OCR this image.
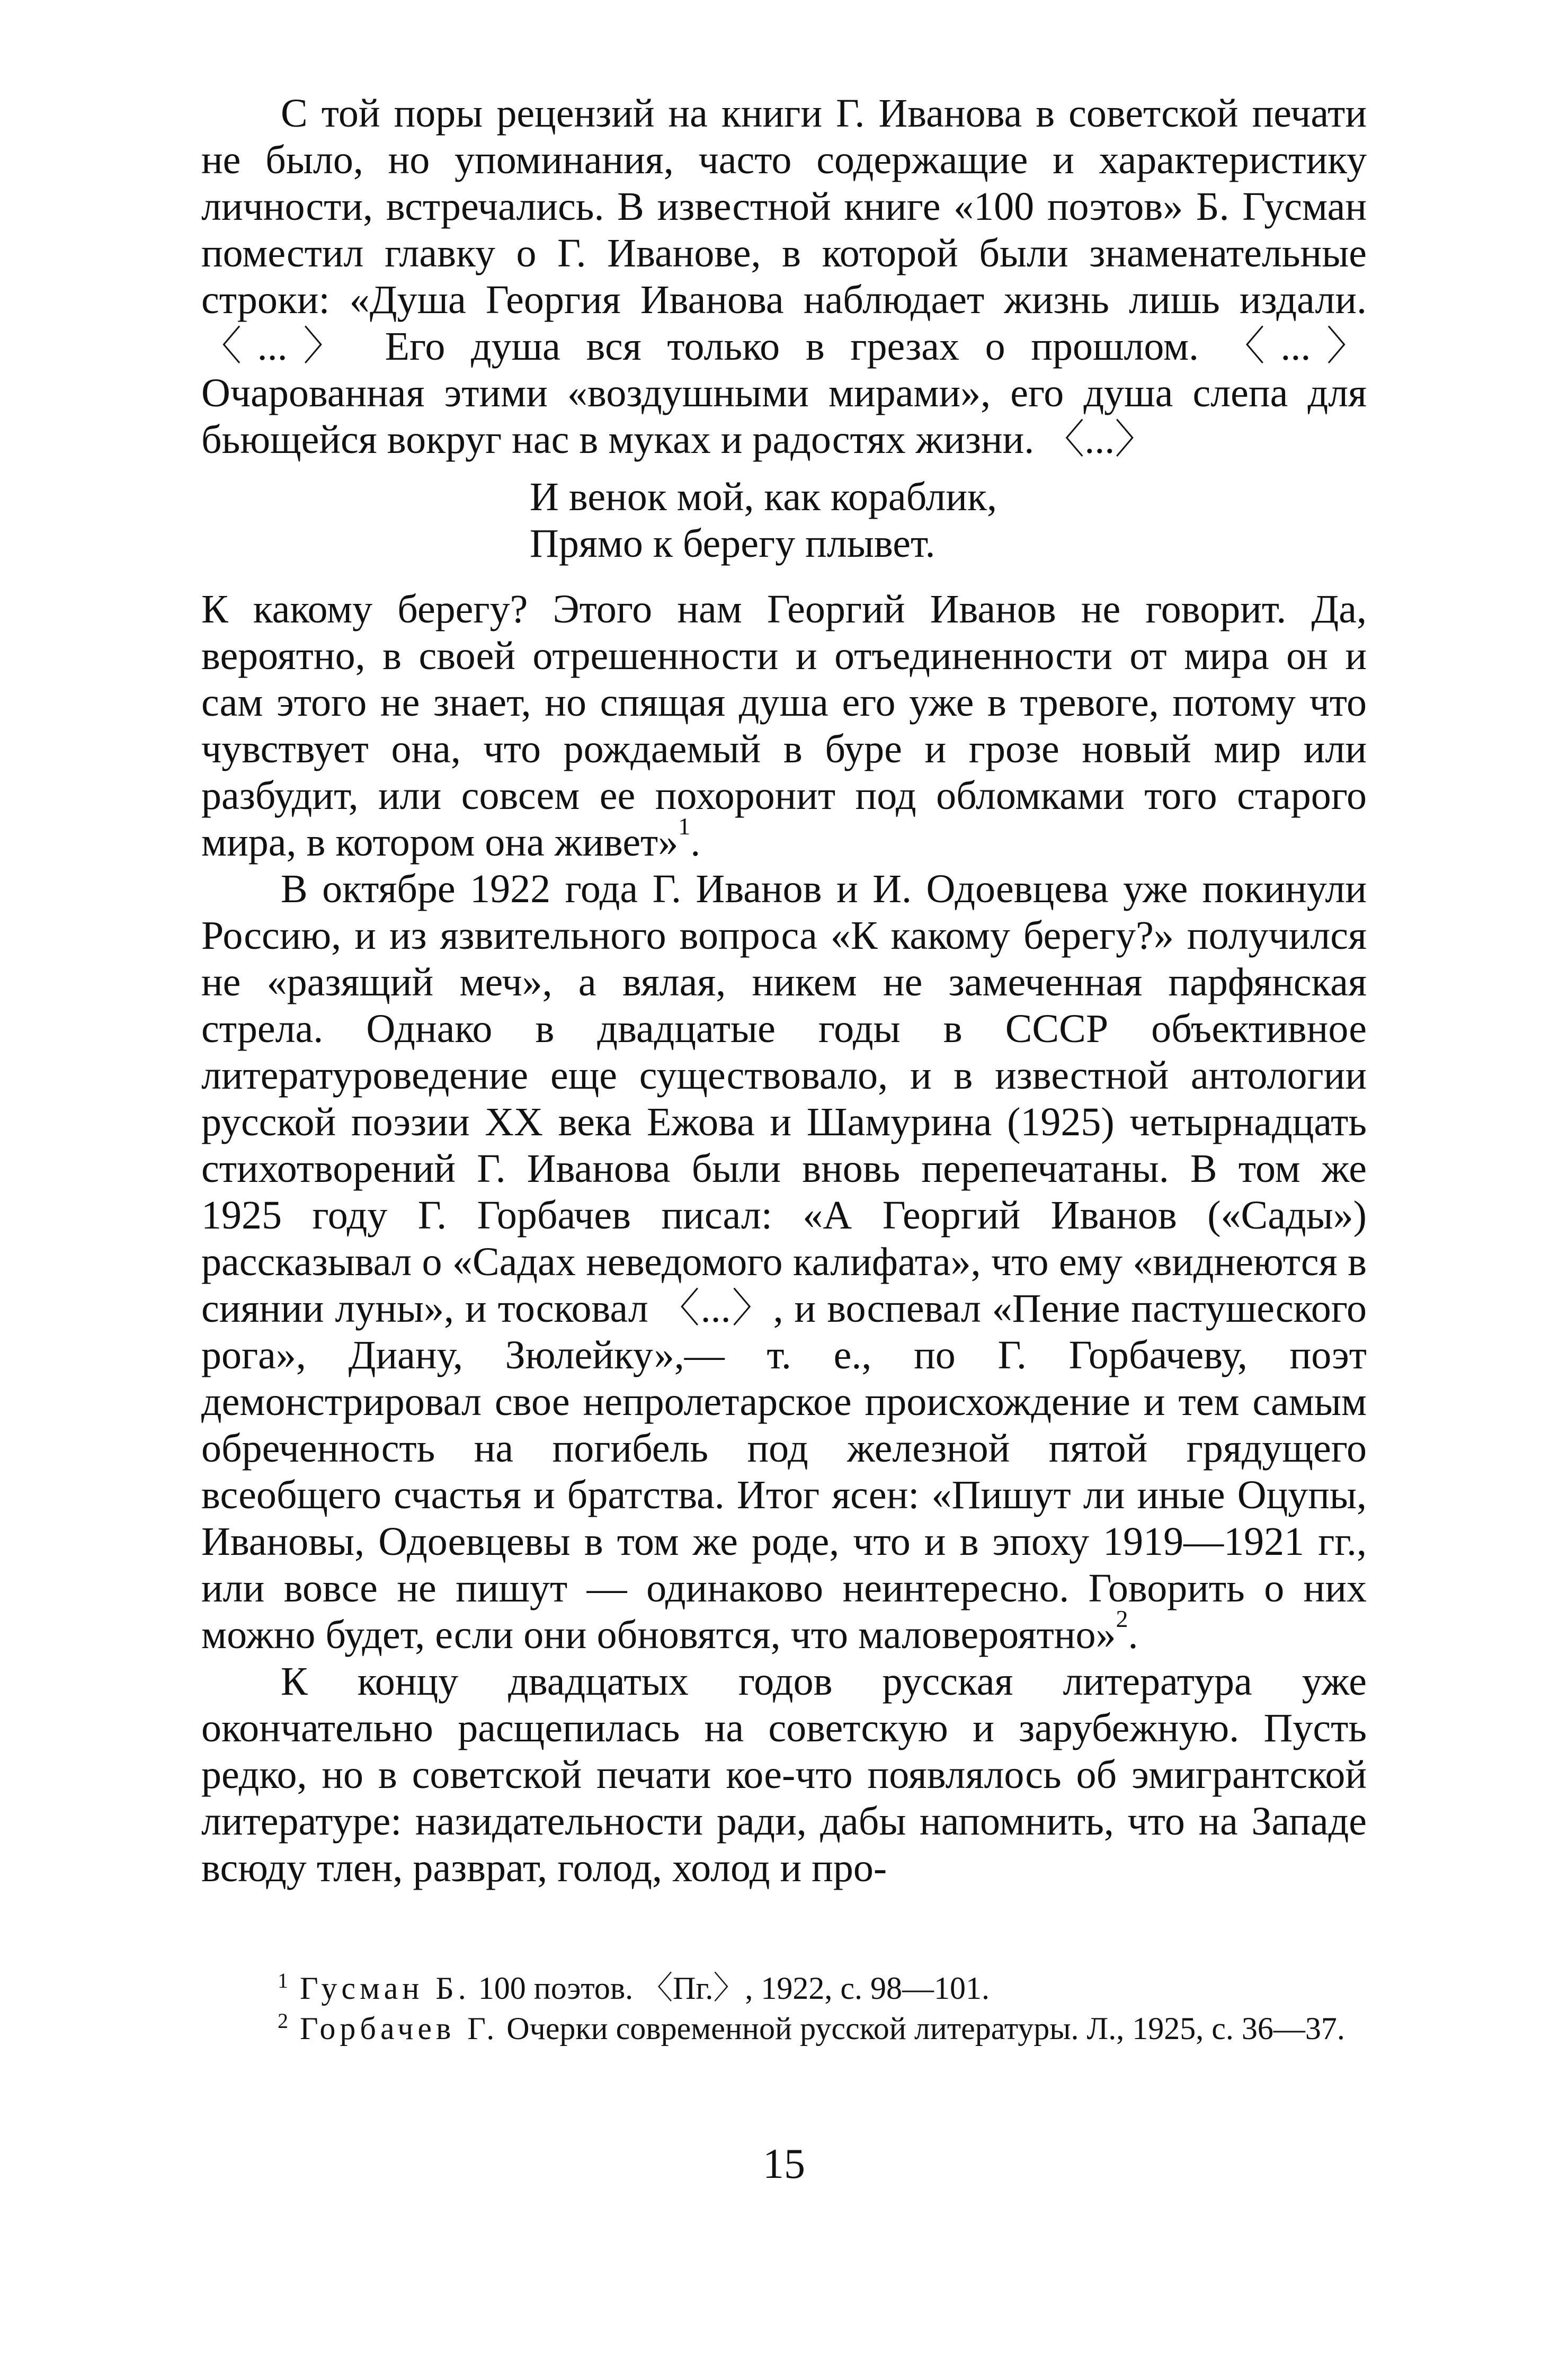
С той поры рецензий на книги Г. Иванова в советской печати не было, но упоминания, часто содержащие и характеристику личности, встречались. В известной книге «100 поэтов» Б. Гусман поместил главку о Г. Иванове, в которой были знаменательные строки: «Душа Георгия Иванова наблюдает жизнь лишь издали. 〈...〉 Его душа вся только в грезах о прошлом. 〈...〉 Очарованная этими «воздушными мирами», его душа слепа для бьющейся вокруг нас в муках и радостях жизни. 〈...〉

И венок мой, как кораблик,
Прямо к берегу плывет.

К какому берегу? Этого нам Георгий Иванов не говорит. Да, вероятно, в своей отрешенности и отъединенности от мира он и сам этого не знает, но спящая душа его уже в тревоге, потому что чувствует она, что рождаемый в буре и грозе новый мир или разбудит, или совсем ее похоронит под обломками того старого мира, в котором она живет»$^1$.

В октябре 1922 года Г. Иванов и И. Одоевцева уже покинули Россию, и из язвительного вопроса «К какому берегу?» получился не «разящий меч», а вялая, никем не замеченная парфянская стрела. Однако в двадцатые годы в СССР объективное литературоведение еще существовало, и в известной антологии русской поэзии XX века Ежова и Шамурина (1925) четырнадцать стихотворений Г. Иванова были вновь перепечатаны. В том же 1925 году Г. Горбачев писал: «А Георгий Иванов («Сады») рассказывал о «Садах неведомого калифата», что ему «виднеются в сиянии луны», и тосковал 〈...〉, и воспевал «Пение пастушеского рога», Диану, Зюлейку»,— т. е., по Г. Горбачеву, поэт демонстрировал свое непролетарское происхождение и тем самым обреченность на погибель под железной пятой грядущего всеобщего счастья и братства. Итог ясен: «Пишут ли иные Оцупы, Ивановы, Одоевцевы в том же роде, что и в эпоху 1919—1921 гг., или вовсе не пишут — одинаково неинтересно. Говорить о них можно будет, если они обновятся, что маловероятно»$^2$.

К концу двадцатых годов русская литература уже окончательно расщепилась на советскую и зарубежную. Пусть редко, но в советской печати кое-что появлялось об эмигрантской литературе: назидательности ради, дабы напомнить, что на Западе всюду тлен, разврат, голод, холод и про-

1 Гусман Б. 100 поэтов. 〈Пг.〉, 1922, с. 98—101.

2 Горбачев Г. Очерки современной русской литературы. Л., 1925, с. 36—37.

15
